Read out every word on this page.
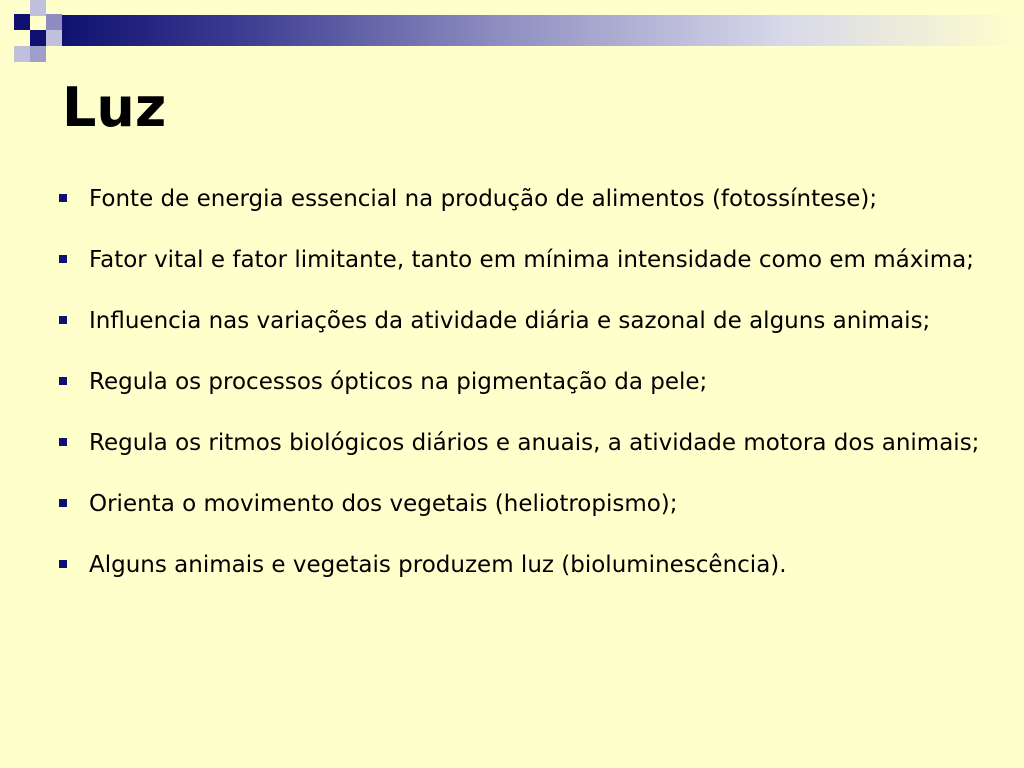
Luz
Fonte de energia essencial na produção de alimentos (fotossíntese);
Fator vital e fator limitante, tanto em mínima intensidade como em máxima;
Influencia nas variações da atividade diária e sazonal de alguns animais;
Regula os processos ópticos na pigmentação da pele;
Regula os ritmos biológicos diários e anuais, a atividade motora dos animais;
Orienta o movimento dos vegetais (heliotropismo);
Alguns animais e vegetais produzem luz (bioluminescência).
